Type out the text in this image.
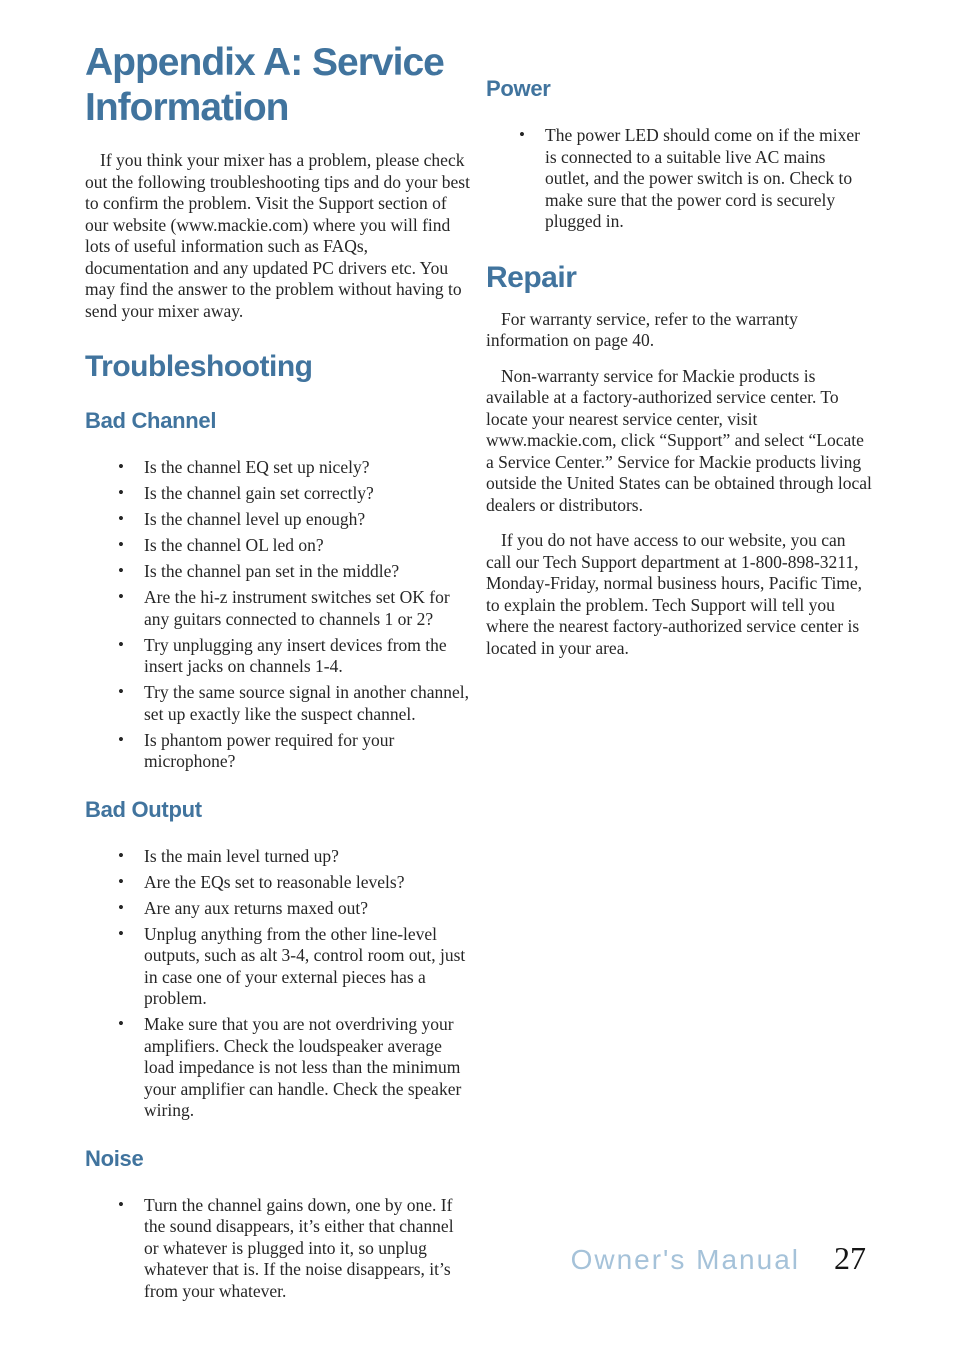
Appendix A: Service Information

If you think your mixer has a problem, please check out the following troubleshooting tips and do your best to confirm the problem. Visit the Support section of our website (www.mackie.com) where you will find lots of useful information such as FAQs, documentation and any updated PC drivers etc. You may find the answer to the problem without having to send your mixer away.

Troubleshooting
Bad Channel
•
Is the channel EQ set up nicely?
•
Is the channel gain set correctly?
•
Is the channel level up enough?
•
Is the channel OL led on?
•
Is the channel pan set in the middle?
•
Are the hi-z instrument switches set OK for any guitars connected to channels 1 or 2?
•
Try unplugging any insert devices from the insert jacks on channels 1-4.
•
Try the same source signal in another channel, set up exactly like the suspect channel.
•
Is phantom power required for your microphone?
Bad Output
•
Is the main level turned up?
•
Are the EQs set to reasonable levels?
•
Are any aux returns maxed out?
•
Unplug anything from the other line-level outputs, such as alt 3-4, control room out, just in case one of your external pieces has a problem.
•
Make sure that you are not overdriving your amplifiers. Check the loudspeaker average load impedance is not less than the minimum your amplifier can handle. Check the speaker wiring.
Noise
•
Turn the channel gains down, one by one. If the sound disappears, it’s either that channel or whatever is plugged into it, so unplug whatever that is. If the noise disappears, it’s from your whatever.
Power
•
The power LED should come on if the mixer is connected to a suitable live AC mains outlet, and the power switch is on. Check to make sure that the power cord is securely plugged in.
Repair

For warranty service, refer to the warranty information on page 40.

Non-warranty service for Mackie products is available at a factory-authorized service center. To locate your nearest service center, visit www.mackie.com, click “Support” and select “Locate a Service Center.” Service for Mackie products living outside the United States can be obtained through local dealers or distributors.

If you do not have access to our website, you can call our Tech Support department at 1-800-898-3211, Monday-Friday, normal business hours, Pacific Time, to explain the problem. Tech Support will tell you where the nearest factory-authorized service center is located in your area.

Owner's Manual 27
